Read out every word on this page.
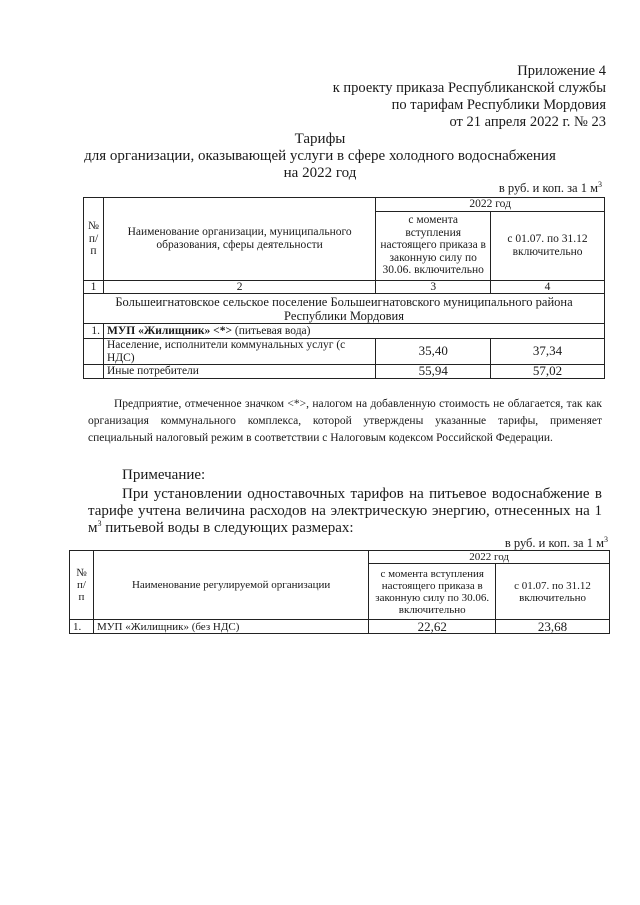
Приложение 4
к проекту приказа Республиканской службы
по тарифам Республики Мордовия
от 21 апреля 2022 г. № 23
Тарифы
для организации, оказывающей услуги в сфере холодного водоснабжения
на 2022 год
в руб. и коп. за 1 $м^3$
№ п/п	Наименование организации, муниципального образования, сферы деятельности	2022 год	
		с момента вступления настоящего приказа в законную силу по 30.06. включительно	с 01.07. по 31.12 включительно
1	2	3	4
Большеигнатовское сельское поселение Большеигнатовского муниципального района Республики Мордовия			
1.	МУП «Жилищник» <*> (питьевая вода)		
	Население, исполнители коммунальных услуг (с НДС)	35,40	37,34
	Иные потребители	55,94	57,02
Предприятие, отмеченное значком <*>, налогом на добавленную стоимость не облагается, так как организация коммунального комплекса, которой утверждены указанные тарифы, применяет специальный налоговый режим в соответствии с Налоговым кодексом Российской Федерации.
Примечание:
При установлении одноставочных тарифов на питьевое водоснабжение в тарифе учтена величина расходов на электрическую энергию, отнесенных на 1 $м^3$ питьевой воды в следующих размерах:
в руб. и коп. за 1 $м^3$
№ п/ п	Наименование регулируемой организации	2022 год	
		с момента вступления настоящего приказа в законную силу по 30.06. включительно	с 01.07. по 31.12 включительно
1.	МУП «Жилищник» (без НДС)	22,62	23,68
